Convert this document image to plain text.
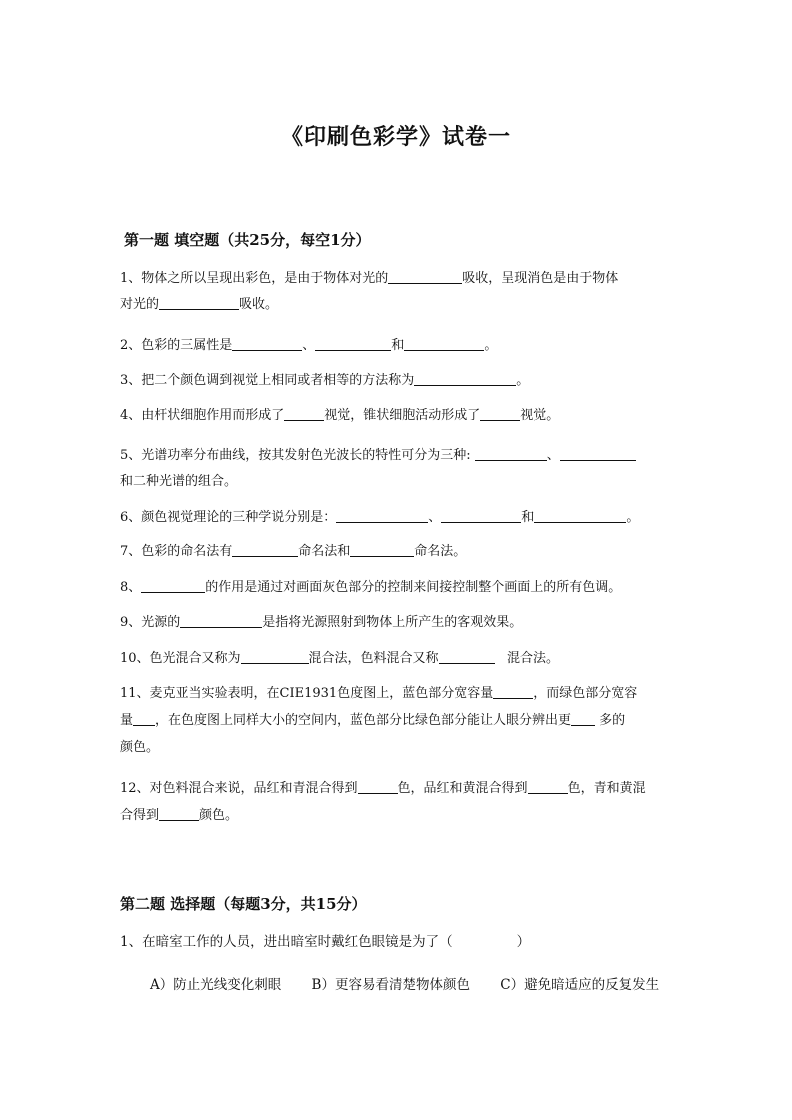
《印刷色彩学》试卷一
第一题 填空题（共25分，每空1分）
1、物体之所以呈现出彩色，是由于物体对光的	吸收，呈现消色是由于物体
对光的	吸收。
2、色彩的三属性是	、	和	。
3、把二个颜色调到视觉上相同或者相等的方法称为	。
4、由杆状细胞作用而形成了	视觉，锥状细胞活动形成了	视觉。
5、光谱功率分布曲线，按其发射色光波长的特性可分为三种:	、
和二种光谱的组合。
6、颜色视觉理论的三种学说分别是：	、	和	。
7、色彩的命名法有	命名法和	命名法。
8、	的作用是通过对画面灰色部分的控制来间接控制整个画面上的所有色调。
9、光源的	是指将光源照射到物体上所产生的客观效果。
10、色光混合又称为	混合法，色料混合又称	混合法。
11、麦克亚当实验表明，在CIE1931色度图上，蓝色部分宽容量	，而绿色部分宽容
量 ，在色度图上同样大小的空间内，蓝色部分比绿色部分能让人眼分辨出更 多的
颜色。
12、对色料混合来说，品红和青混合得到	色，品红和黄混合得到	色，青和黄混
合得到	颜色。
第二题 选择题（每题3分，共15分）
1、在暗室工作的人员，进出暗室时戴红色眼镜是为了（	）
A）防止光线变化刺眼 B）更容易看清楚物体颜色 C）避免暗适应的反复发生
